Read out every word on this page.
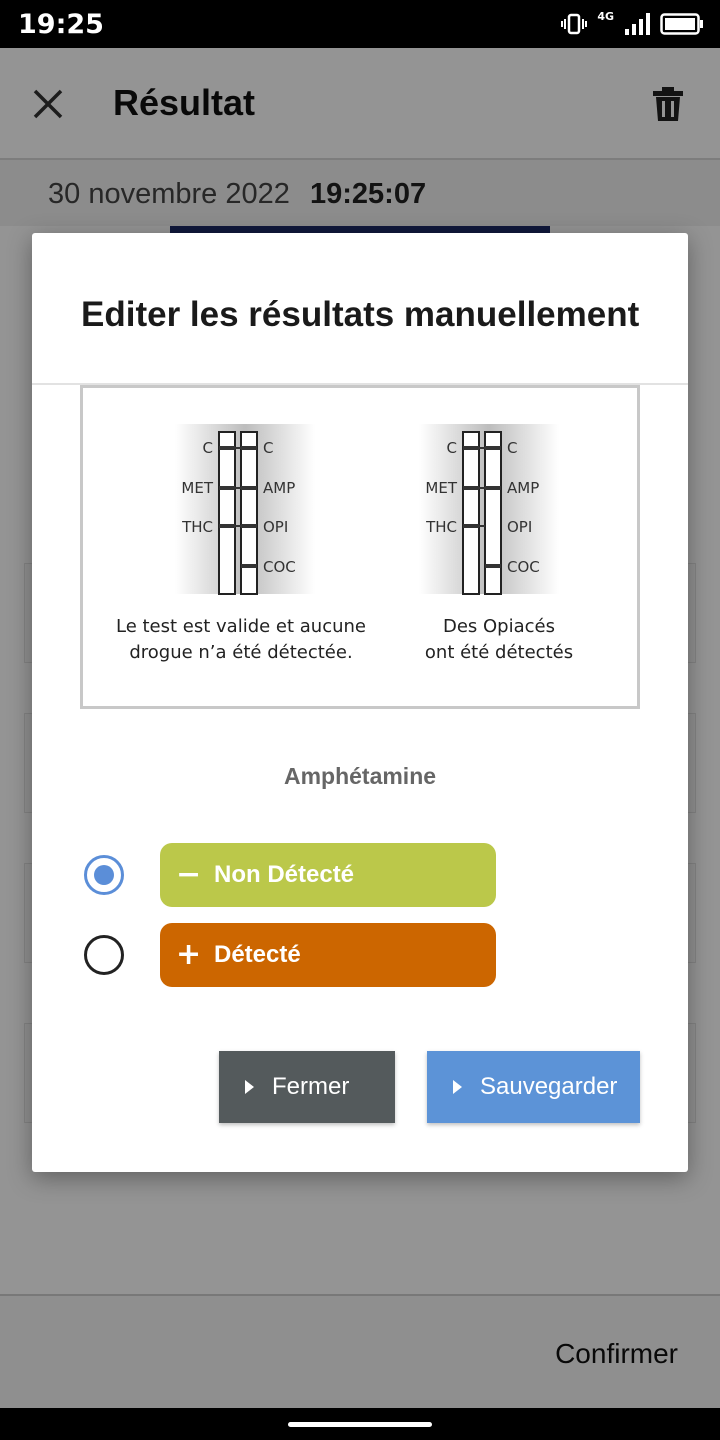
19:25	4G
Résultat
30 novembre 2022 19:25:07
Confirmer
Editer les résultats manuellement
C
MET
THC
C
AMP
OPI
COC
C
MET
THC
C
AMP
OPI
COC
Le test est valide et aucune
drogue n’a été détectée.
Des Opiacés
ont été détectés
Amphétamine
− Non Détecté
+ Détecté
Fermer	Sauvegarder
